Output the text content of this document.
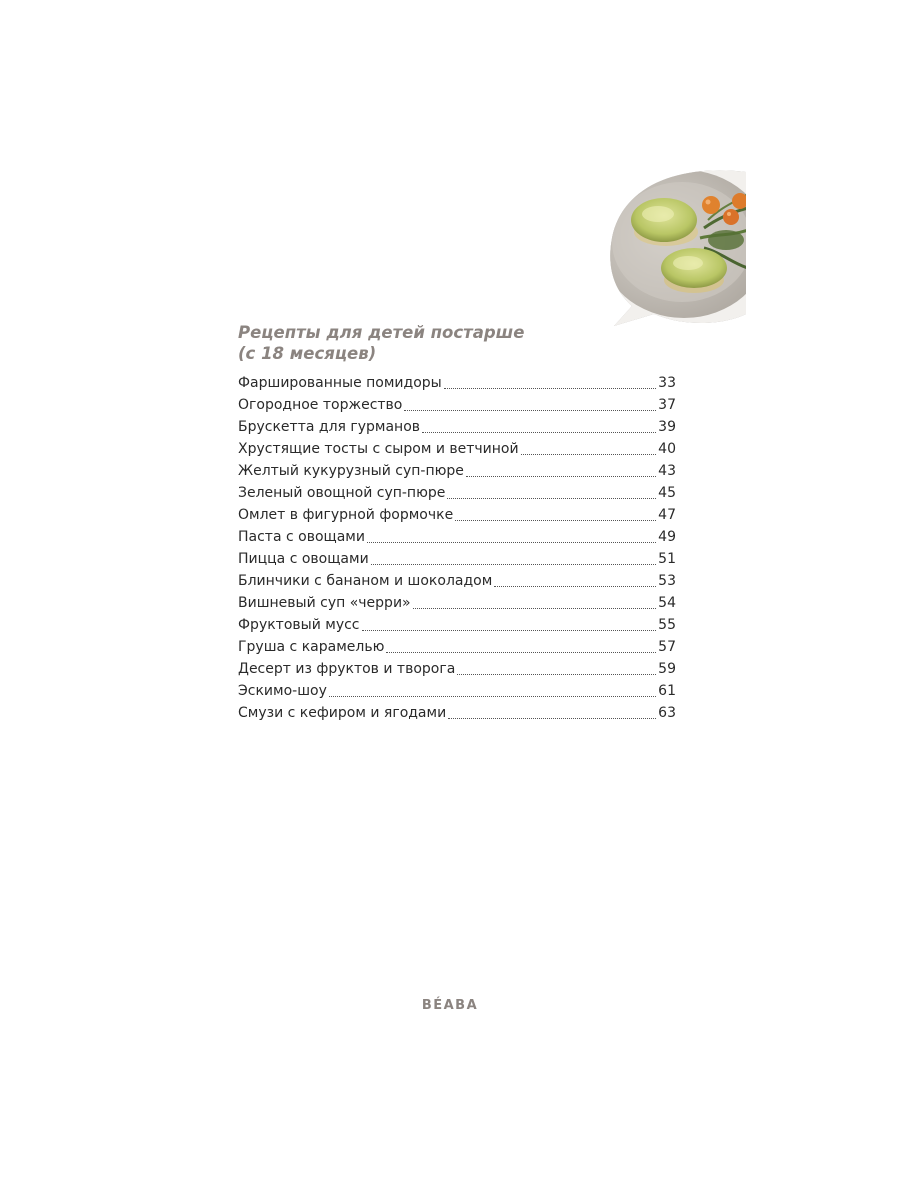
Рецепты для детей постарше
(с 18 месяцев)
Фаршированные помидоры	33
Огородное торжество	37
Брускетта для гурманов	39
Хрустящие тосты с сыром и ветчиной	40
Желтый кукурузный суп-пюре	43
Зеленый овощной суп-пюре	45
Омлет в фигурной формочке	47
Паста с овощами	49
Пицца с овощами	51
Блинчики с бананом и шоколадом	53
Вишневый суп «черри»	54
Фруктовый мусс	55
Груша с карамелью	57
Десерт из фруктов и творога	59
Эскимо-шоу	61
Смузи с кефиром и ягодами	63
BÉABA
